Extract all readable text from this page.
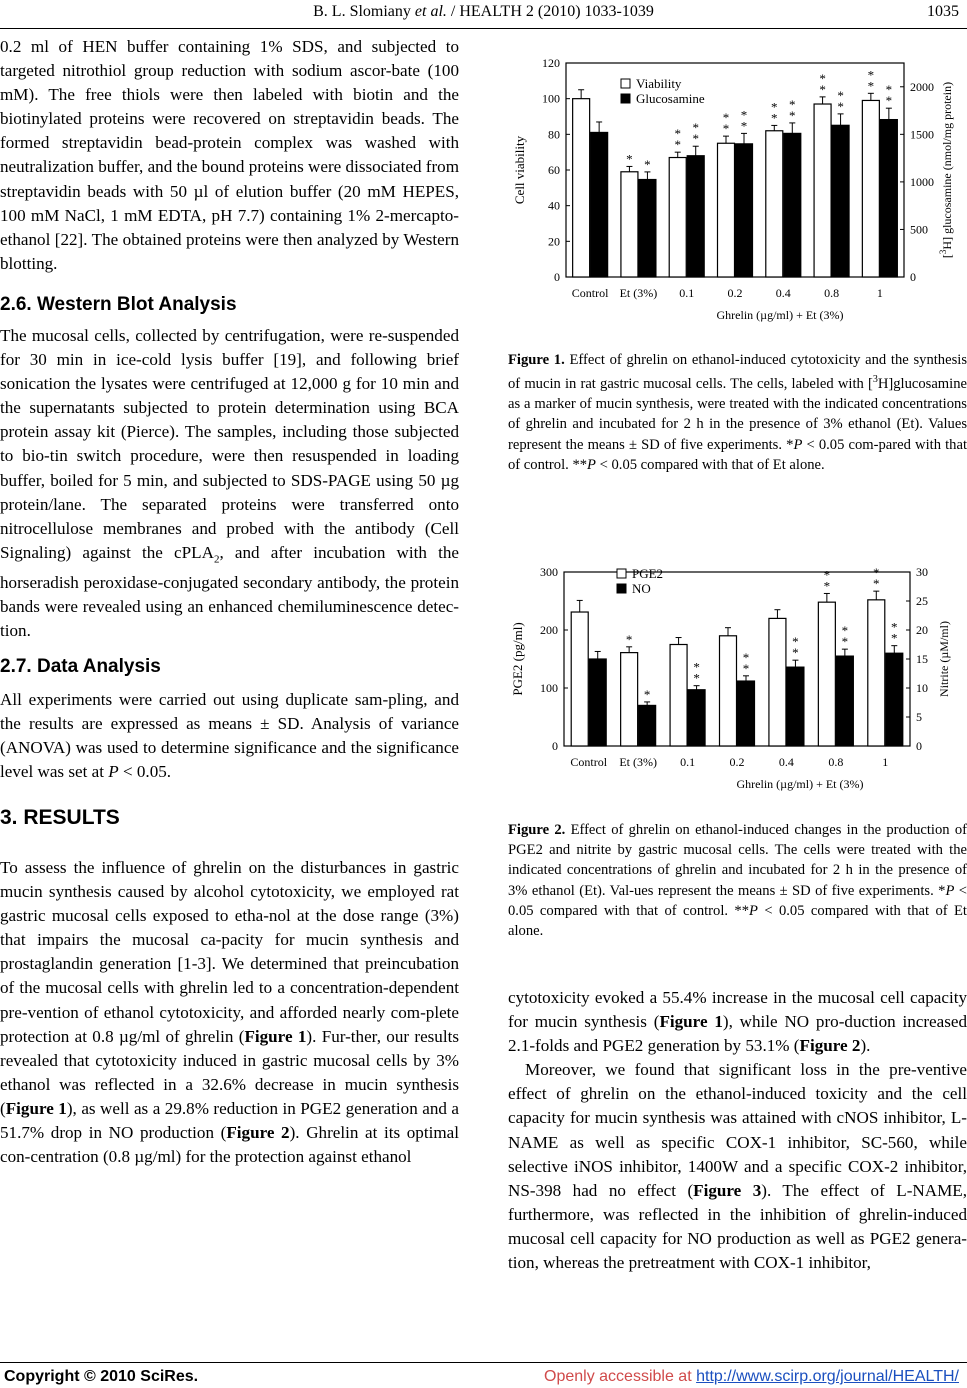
B. L. Slomiany et al. / HEALTH 2 (2010) 1033-1039	1035

0.2 ml of HEN buffer containing 1% SDS, and subjected to targeted nitrothiol group reduction with sodium ascor-bate (100 mM). The free thiols were then labeled with biotin and the biotinylated proteins were recovered on streptavidin beads. The formed streptavidin bead-protein complex was washed with neutralization buffer, and the bound proteins were dissociated from streptavidin beads with 50 µl of elution buffer (20 mM HEPES, 100 mM NaCl, 1 mM EDTA, pH 7.7) containing 1% 2-mercapto-ethanol [22]. The obtained proteins were then analyzed by Western blotting.

2.6. Western Blot Analysis

The mucosal cells, collected by centrifugation, were re-suspended for 30 min in ice-cold lysis buffer [19], and following brief sonication the lysates were centrifuged at 12,000 g for 10 min and the supernatants subjected to protein determination using BCA protein assay kit (Pierce). The samples, including those subjected to bio-tin switch procedure, were then resuspended in loading buffer, boiled for 5 min, and subjected to SDS-PAGE using 50 µg protein/lane. The separated proteins were transferred onto nitrocellulose membranes and probed with the antibody (Cell Signaling) against the cPLA$_2$, and after incubation with the horseradish peroxidase-conjugated secondary antibody, the protein bands were revealed using an enhanced chemiluminescence detec-tion.

2.7. Data Analysis

All experiments were carried out using duplicate sam-pling, and the results are expressed as means ± SD. Analysis of variance (ANOVA) was used to determine significance and the significance level was set at P < 0.05.

3. RESULTS

To assess the influence of ghrelin on the disturbances in gastric mucin synthesis caused by alcohol cytotoxicity, we employed rat gastric mucosal cells exposed to etha-nol at the dose range (3%) that impairs the mucosal ca-pacity for mucin synthesis and prostaglandin generation [1-3]. We determined that preincubation of the mucosal cells with ghrelin led to a concentration-dependent pre-vention of ethanol cytotoxicity, and afforded nearly com-plete protection at 0.8 µg/ml of ghrelin (Figure 1). Fur-ther, our results revealed that cytotoxicity induced in gastric mucosal cells by 3% ethanol was reflected in a 32.6% decrease in mucin synthesis (Figure 1), as well as a 29.8% reduction in PGE2 generation and a 51.7% drop in NO production (Figure 2). Ghrelin at its optimal con-centration (0.8 µg/ml) for the protection against ethanol

0
20
40
60
80
100
120
0
500
1000
1500
2000
Control
* *
Et (3%)
*
*
*
*
0.1
*
*
*
*
0.2
*
*
*
*
0.4
*
* *
*
0.8
*
* *
*
1
Ghrelin (µg/ml) + Et (3%)
Cell viability
[$^3$H] glucosamine (nmol/mg protein)
Viability
Glucosamine

Figure 1. Effect of ghrelin on ethanol-induced cytotoxicity and the synthesis of mucin in rat gastric mucosal cells. The cells, labeled with [$^3$H]glucosamine as a marker of mucin synthesis, were treated with the indicated concentrations of ghrelin and incubated for 2 h in the presence of 3% ethanol (Et). Values represent the means ± SD of five experiments. *P < 0.05 com-pared with that of control. **P < 0.05 compared with that of Et alone.

0
100
200
300
0
5
10
15
20
25
30
Control
*
*
Et (3%)
*
*
0.1
*
*
0.2
*
*
0.4
*
*
*
*
0.8
*
*
*
*
1
Ghrelin (µg/ml) + Et (3%)
PGE2 (pg/ml)	Nitrite (µM/ml)
PGE2
NO

Figure 2. Effect of ghrelin on ethanol-induced changes in the production of PGE2 and nitrite by gastric mucosal cells. The cells were treated with the indicated concentrations of ghrelin and incubated for 2 h in the presence of 3% ethanol (Et). Val-ues represent the means ± SD of five experiments. *P < 0.05 compared with that of control. **P < 0.05 compared with that of Et alone.

cytotoxicity evoked a 55.4% increase in the mucosal cell capacity for mucin synthesis (Figure 1), while NO pro-duction increased 2.1-folds and PGE2 generation by 53.1% (Figure 2).

Moreover, we found that significant loss in the pre-ventive effect of ghrelin on the ethanol-induced toxicity and the cell capacity for mucin synthesis was attained with cNOS inhibitor, L-NAME as well as specific COX-1 inhibitor, SC-560, while selective iNOS inhibitor, 1400W and a specific COX-2 inhibitor, NS-398 had no effect (Figure 3). The effect of L-NAME, furthermore, was reflected in the inhibition of ghrelin-induced mucosal cell capacity for NO production as well as PGE2 genera-tion, whereas the pretreatment with COX-1 inhibitor,

Copyright © 2010 SciRes.	Openly accessible at http://www.scirp.org/journal/HEALTH/
